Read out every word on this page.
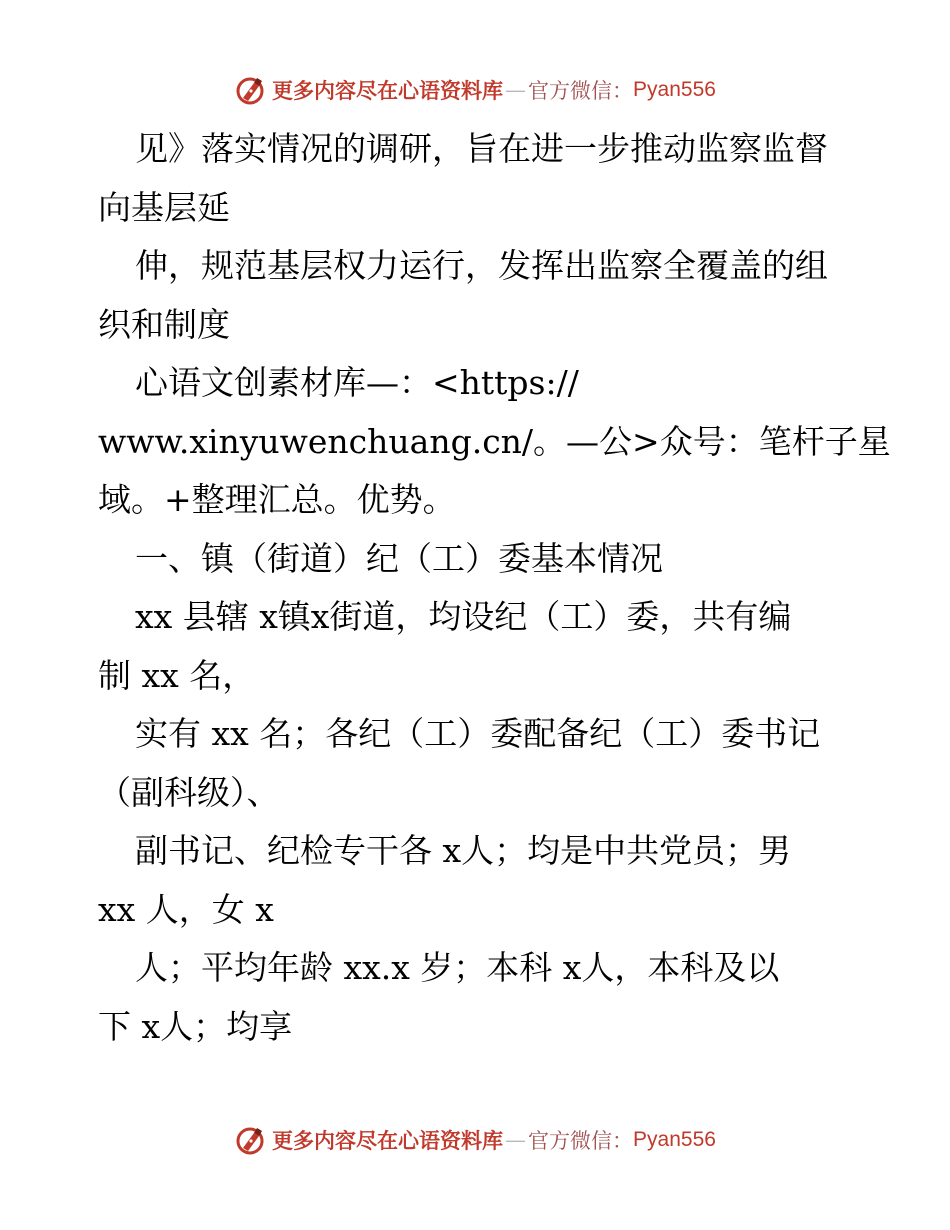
更多内容尽在心语资料库 — 官方微信： Pyan556
见》落实情况的调研，旨在进一步推动监察监督
向基层延
伸，规范基层权力运行，发挥出监察全覆盖的组
织和制度
心语文创素材库—：<https://
www.xinyuwenchuang.cn/。—公>众号：笔杆子星
域。+整理汇总。优势。
一、镇（街道）纪（工）委基本情况
xx 县辖 x镇x街道，均设纪（工）委，共有编
制 xx 名，
实有 xx 名；各纪（工）委配备纪（工）委书记
（副科级）、
副书记、纪检专干各 x人；均是中共党员；男
xx 人，女 x
人；平均年龄 xx.x 岁；本科 x人，本科及以
下 x人；均享
更多内容尽在心语资料库 — 官方微信： Pyan556
